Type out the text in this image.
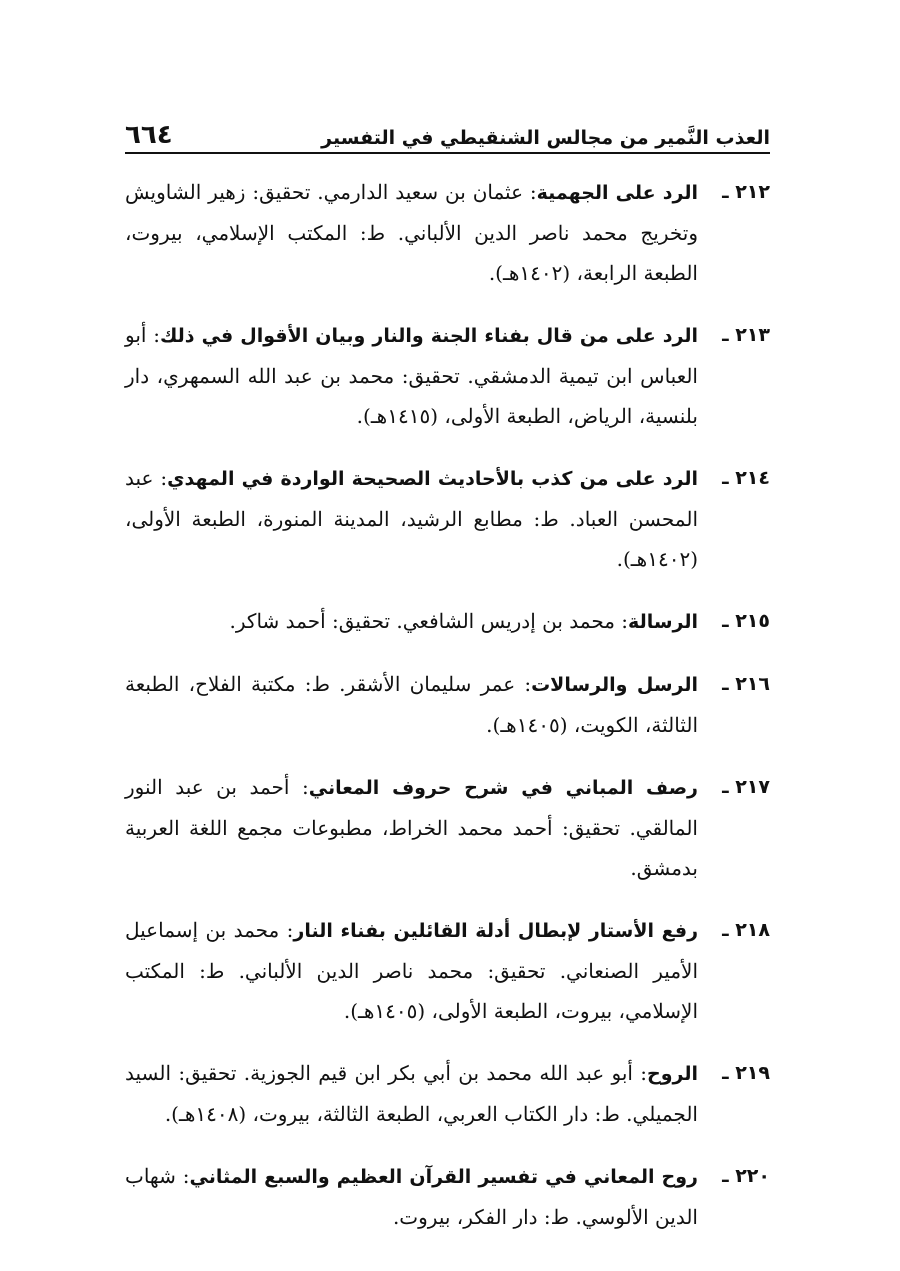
العذب النَّمير من مجالس الشنقيطي في التفسير
٦٦٤
٢١٢ ـ
الرد على الجهمية: عثمان بن سعيد الدارمي. تحقيق: زهير الشاويش وتخريج محمد ناصر الدين الألباني. ط: المكتب الإسلامي، بيروت، الطبعة الرابعة، (١٤٠٢هـ).
٢١٣ ـ
الرد على من قال بفناء الجنة والنار وبيان الأقوال في ذلك: أبو العباس ابن تيمية الدمشقي. تحقيق: محمد بن عبد الله السمهري، دار بلنسية، الرياض، الطبعة الأولى، (١٤١٥هـ).
٢١٤ ـ
الرد على من كذب بالأحاديث الصحيحة الواردة في المهدي: عبد المحسن العباد. ط: مطابع الرشيد، المدينة المنورة، الطبعة الأولى، (١٤٠٢هـ).
٢١٥ ـ
الرسالة: محمد بن إدريس الشافعي. تحقيق: أحمد شاكر.
٢١٦ ـ
الرسل والرسالات: عمر سليمان الأشقر. ط: مكتبة الفلاح، الطبعة الثالثة، الكويت، (١٤٠٥هـ).
٢١٧ ـ
رصف المباني في شرح حروف المعاني: أحمد بن عبد النور المالقي. تحقيق: أحمد محمد الخراط، مطبوعات مجمع اللغة العربية بدمشق.
٢١٨ ـ
رفع الأستار لإبطال أدلة القائلين بفناء النار: محمد بن إسماعيل الأمير الصنعاني. تحقيق: محمد ناصر الدين الألباني. ط: المكتب الإسلامي، بيروت، الطبعة الأولى، (١٤٠٥هـ).
٢١٩ ـ
الروح: أبو عبد الله محمد بن أبي بكر ابن قيم الجوزية. تحقيق: السيد الجميلي. ط: دار الكتاب العربي، الطبعة الثالثة، بيروت، (١٤٠٨هـ).
٢٢٠ ـ
روح المعاني في تفسير القرآن العظيم والسبع المثاني: شهاب الدين الألوسي. ط: دار الفكر، بيروت.
